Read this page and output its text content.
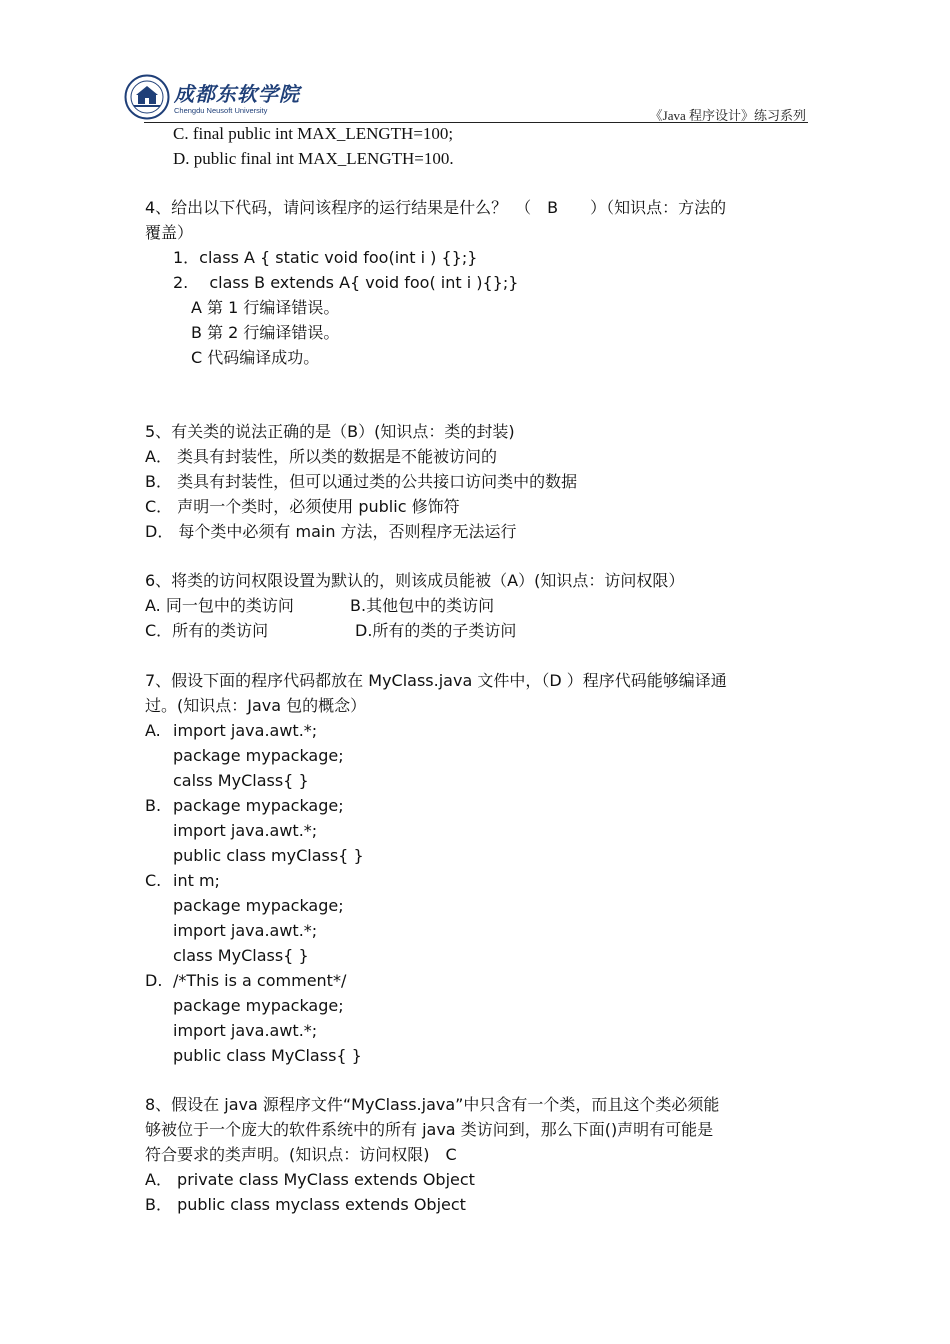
成都东软学院
Chengdu Neusoft University	《Java 程序设计》练习系列
C. final public int MAX_LENGTH=100;
D. public final int MAX_LENGTH=100.
4、给出以下代码，请问该程序的运行结果是什么？　（　B　　）（知识点：方法的
覆盖）
1．class A { static void foo(int i ) {};}
2.　 class B extends A{ void foo( int i ){};}
A 第 1 行编译错误。
B 第 2 行编译错误。
C 代码编译成功。
5、有关类的说法正确的是（B）(知识点：类的封装)
A． 类具有封装性，所以类的数据是不能被访问的
B． 类具有封装性，但可以通过类的公共接口访问类中的数据
C． 声明一个类时，必须使用 public 修饰符
D． 每个类中必须有 main 方法，否则程序无法运行
6、将类的访问权限设置为默认的，则该成员能被（A）(知识点：访问权限）
A. 同一包中的类访问	B.其他包中的类访问
C．所有的类访问	D.所有的类的子类访问
7、假设下面的程序代码都放在 MyClass.java 文件中，（D ）程序代码能够编译通
过。(知识点：Java 包的概念）
A. import java.awt.*;
package mypackage;
calss MyClass{ }
B. package mypackage;
import java.awt.*;
public class myClass{ }
C. int m;
package mypackage;
import java.awt.*;
class MyClass{ }
D. /*This is a comment*/
package mypackage;
import java.awt.*;
public class MyClass{ }
8、假设在 java 源程序文件“MyClass.java”中只含有一个类，而且这个类必须能
够被位于一个庞大的软件系统中的所有 java 类访问到，那么下面()声明有可能是
符合要求的类声明。(知识点：访问权限)　C
A． private class MyClass extends Object
B． public class myclass extends Object
